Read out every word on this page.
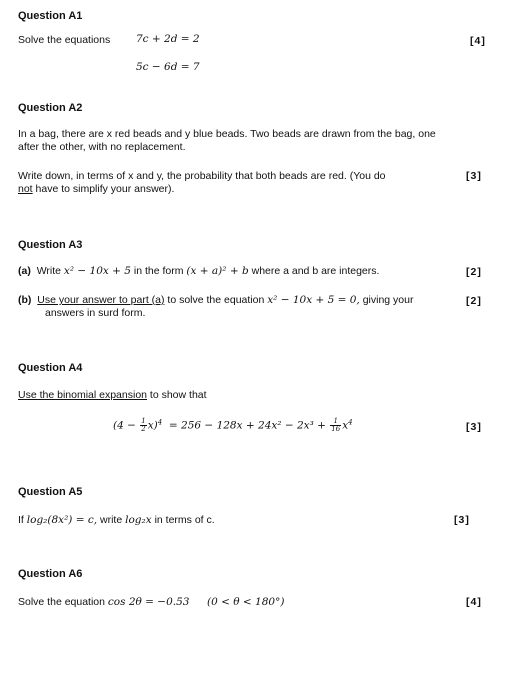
Question A1
Solve the equations 7c + 2d = 2
5c − 6d = 7
[4]
Question A2
In a bag, there are x red beads and y blue beads. Two beads are drawn from the bag, one after the other, with no replacement.
Write down, in terms of x and y, the probability that both beads are red. (You do
not have to simplify your answer).
[3]
Question A3
(a) Write x² − 10x + 5 in the form (x + a)² + b where a and b are integers.	[2]
(b) Use your answer to part (a) to solve the equation x² − 10x + 5 = 0, giving your
answers in surd form.
[2]
Question A4
Use the binomial expansion to show that
$(4 - \frac{1}{2} x)^4 = 256 - 128x + 24x^2 - 2x^3 + \frac{1}{16} x^4$	[3]
Question A5
If log₂(8x²) = c, write log₂x in terms of c.	[3]
Question A6
Solve the equation cos 2θ = −0.53 (0 < θ < 180°)	[4]
